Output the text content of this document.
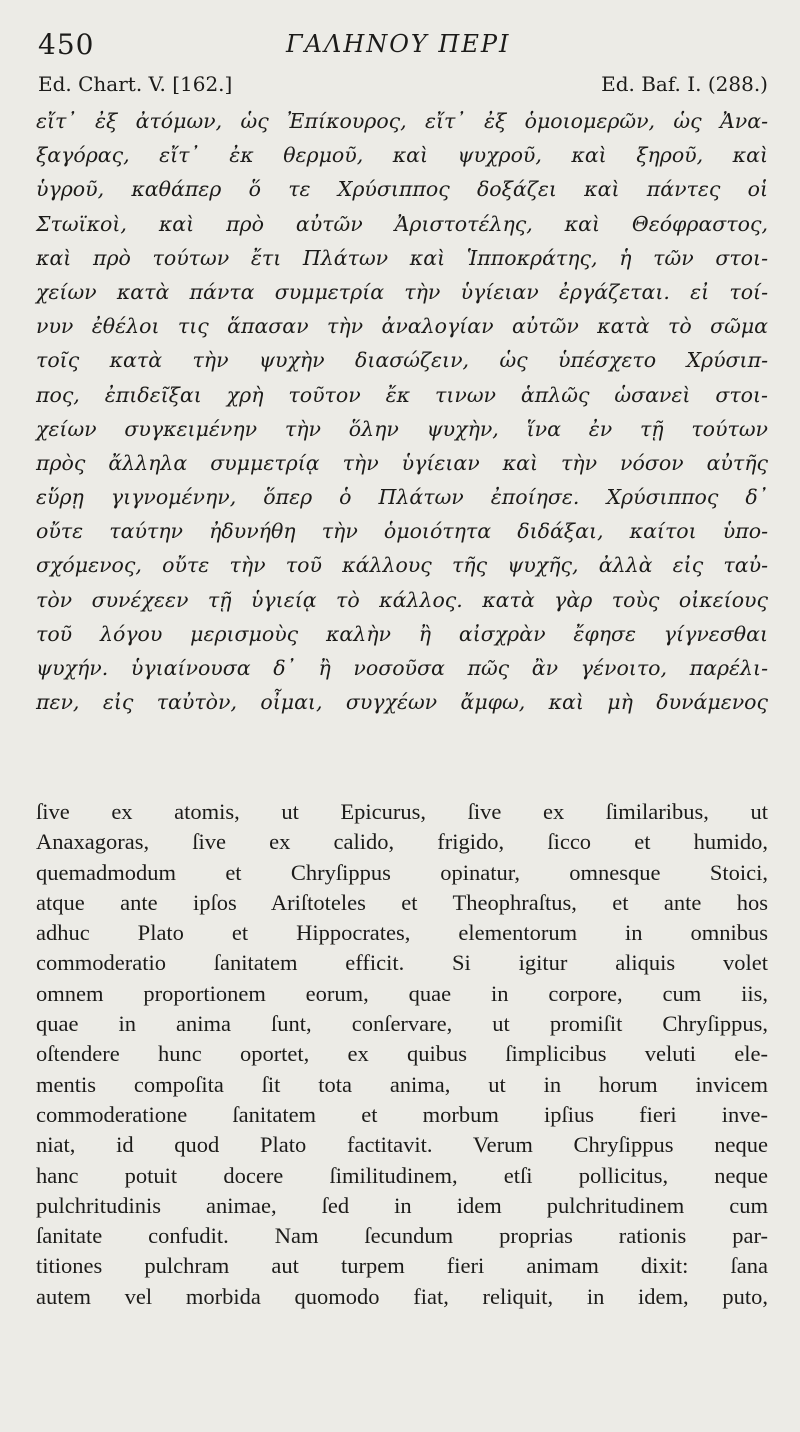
450	ΓΑΛΗΝΟΥ ΠΕΡΙ
Ed. Chart. V. [162.]	Ed. Baf. I. (288.)
εἴτ᾿ ἐξ ἀτόμων, ὡς Ἐπίκουρος, εἴτ᾿ ἐξ ὁμοιομερῶν, ὡς Ἀνα-
ξαγόρας, εἴτ᾿ ἐκ θερμοῦ, καὶ ψυχροῦ, καὶ ξηροῦ, καὶ
ὑγροῦ, καθάπερ ὅ τε Χρύσιππος δοξάζει καὶ πάντες οἱ
Στωϊκοὶ, καὶ πρὸ αὐτῶν Ἀριστοτέλης, καὶ Θεόφραστος,
καὶ πρὸ τούτων ἔτι Πλάτων καὶ Ἱπποκράτης, ἡ τῶν στοι-
χείων κατὰ πάντα συμμετρία τὴν ὑγίειαν ἐργάζεται. εἰ τοί-
νυν ἐθέλοι τις ἅπασαν τὴν ἀναλογίαν αὐτῶν κατὰ τὸ σῶμα
τοῖς κατὰ τὴν ψυχὴν διασώζειν, ὡς ὑπέσχετο Χρύσιπ-
πος, ἐπιδεῖξαι χρὴ τοῦτον ἔκ τινων ἁπλῶς ὡσανεὶ στοι-
χείων συγκειμένην τὴν ὅλην ψυχὴν, ἵνα ἐν τῇ τούτων
πρὸς ἄλληλα συμμετρίᾳ τὴν ὑγίειαν καὶ τὴν νόσον αὐτῆς
εὕρῃ γιγνομένην, ὅπερ ὁ Πλάτων ἐποίησε. Χρύσιππος δ᾿
οὔτε ταύτην ἠδυνήθη τὴν ὁμοιότητα διδάξαι, καίτοι ὑπο-
σχόμενος, οὔτε τὴν τοῦ κάλλους τῆς ψυχῆς, ἀλλὰ εἰς ταὐ-
τὸν συνέχεεν τῇ ὑγιείᾳ τὸ κάλλος. κατὰ γὰρ τοὺς οἰκείους
τοῦ λόγου μερισμοὺς καλὴν ἢ αἰσχρὰν ἔφησε γίγνεσθαι
ψυχήν. ὑγιαίνουσα δ᾿ ἢ νοσοῦσα πῶς ἂν γένοιτο, παρέλι-
πεν, εἰς ταὐτὸν, οἶμαι, συγχέων ἄμφω, καὶ μὴ δυνάμενος
ſive ex atomis, ut Epicurus, ſive ex ſimilaribus, ut
Anaxagoras, ſive ex calido, frigido, ſicco et humido,
quemadmodum et Chryſippus opinatur, omnesque Stoici,
atque ante ipſos Ariſtoteles et Theophraſtus, et ante hos
adhuc Plato et Hippocrates, elementorum in omnibus
commoderatio ſanitatem efficit. Si igitur aliquis volet
omnem proportionem eorum, quae in corpore, cum iis,
quae in anima ſunt, conſervare, ut promiſit Chryſippus,
oſtendere hunc oportet, ex quibus ſimplicibus veluti ele-
mentis compoſita ſit tota anima, ut in horum invicem
commoderatione ſanitatem et morbum ipſius fieri inve-
niat, id quod Plato factitavit. Verum Chryſippus neque
hanc potuit docere ſimilitudinem, etſi pollicitus, neque
pulchritudinis animae, ſed in idem pulchritudinem cum
ſanitate confudit. Nam ſecundum proprias rationis par-
titiones pulchram aut turpem fieri animam dixit: ſana
autem vel morbida quomodo fiat, reliquit, in idem, puto,
